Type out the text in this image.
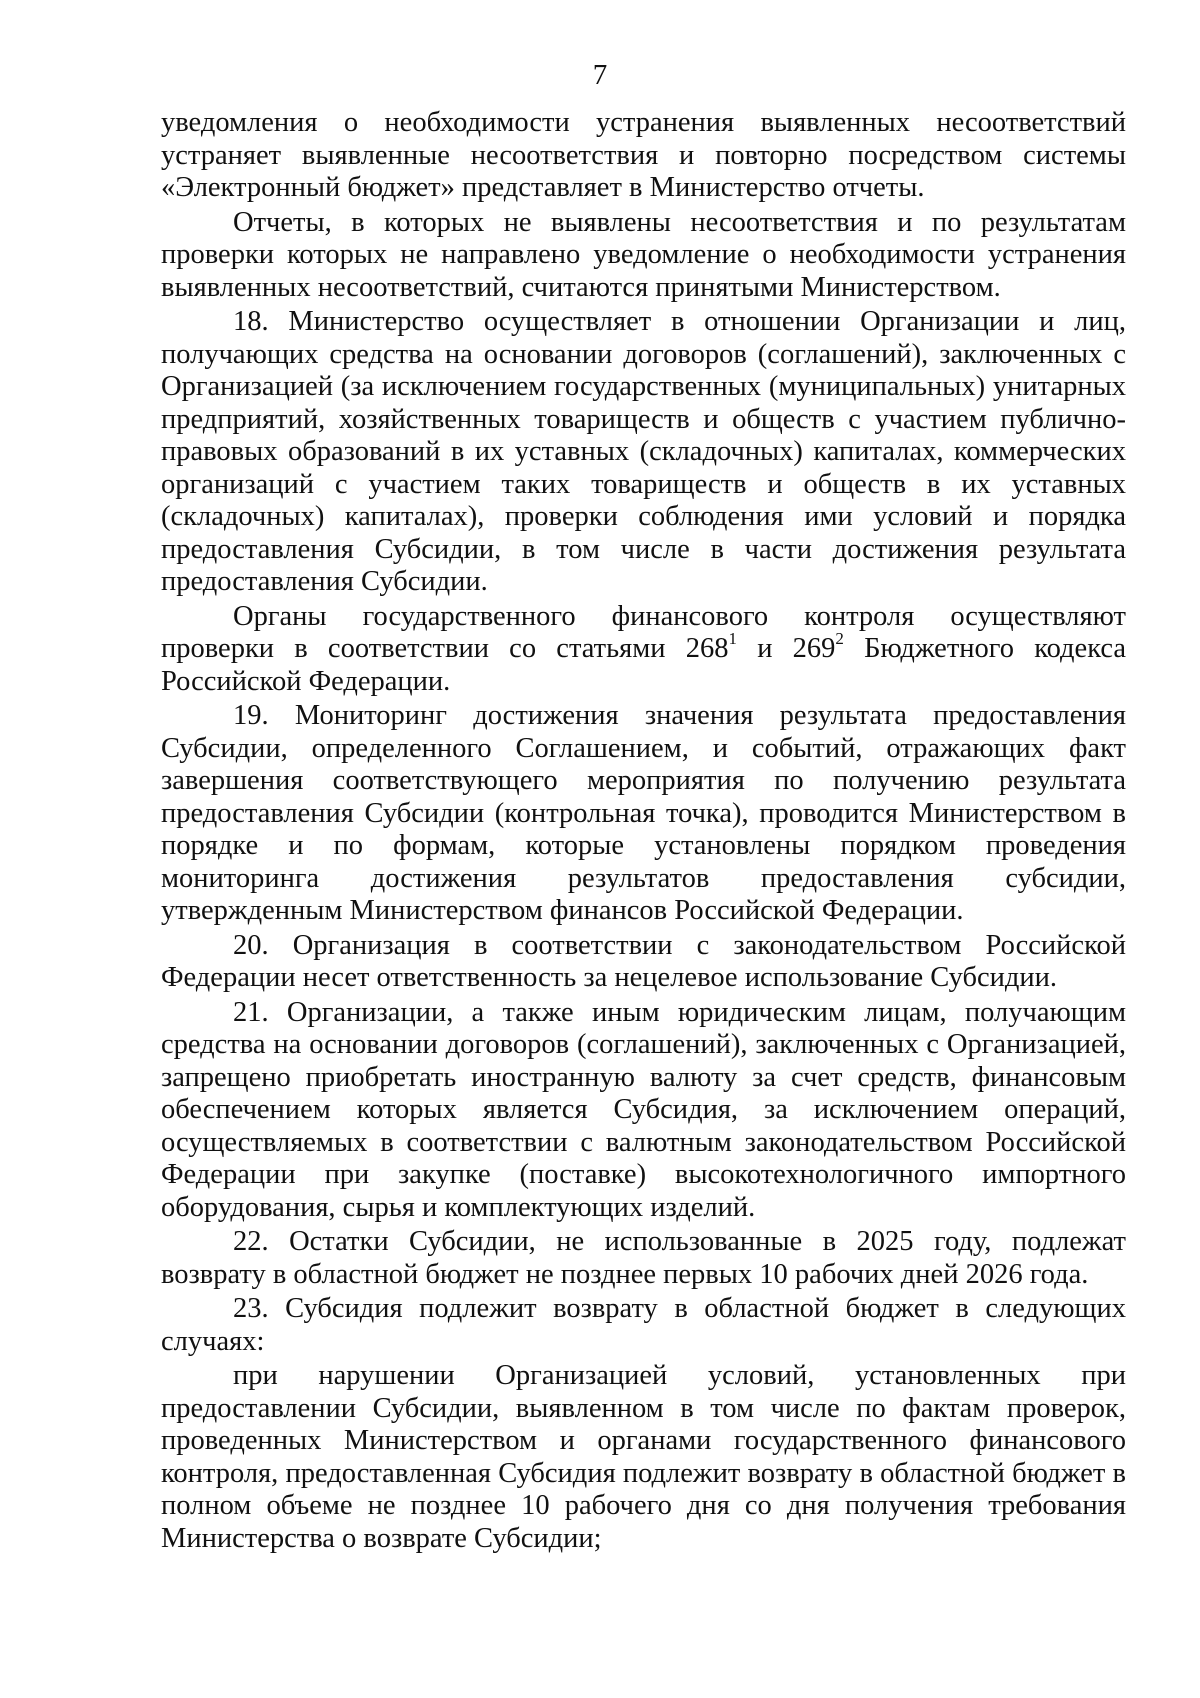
7

уведомления о необходимости устранения выявленных несоответствий устраняет выявленные несоответствия и повторно посредством системы «Электронный бюджет» представляет в Министерство отчеты.

Отчеты, в которых не выявлены несоответствия и по результатам проверки которых не направлено уведомление о необходимости устранения выявленных несоответствий, считаются принятыми Министерством.

18. Министерство осуществляет в отношении Организации и лиц, получающих средства на основании договоров (соглашений), заключенных с Организацией (за исключением государственных (муниципальных) унитарных предприятий, хозяйственных товариществ и обществ с участием публично-правовых образований в их уставных (складочных) капиталах, коммерческих организаций с участием таких товариществ и обществ в их уставных (складочных) капиталах), проверки соблюдения ими условий и порядка предоставления Субсидии, в том числе в части достижения результата предоставления Субсидии.

Органы государственного финансового контроля осуществляют проверки в соответствии со статьями $268^1$ и $269^2$ Бюджетного кодекса Российской Федерации.

19. Мониторинг достижения значения результата предоставления Субсидии, определенного Соглашением, и событий, отражающих факт завершения соответствующего мероприятия по получению результата предоставления Субсидии (контрольная точка), проводится Министерством в порядке и по формам, которые установлены порядком проведения мониторинга достижения результатов предоставления субсидии, утвержденным Министерством финансов Российской Федерации.

20. Организация в соответствии с законодательством Российской Федерации несет ответственность за нецелевое использование Субсидии.

21. Организации, а также иным юридическим лицам, получающим средства на основании договоров (соглашений), заключенных с Организацией, запрещено приобретать иностранную валюту за счет средств, финансовым обеспечением которых является Субсидия, за исключением операций, осуществляемых в соответствии с валютным законодательством Российской Федерации при закупке (поставке) высокотехнологичного импортного оборудования, сырья и комплектующих изделий.

22. Остатки Субсидии, не использованные в 2025 году, подлежат возврату в областной бюджет не позднее первых 10 рабочих дней 2026 года.

23. Субсидия подлежит возврату в областной бюджет в следующих случаях:

при нарушении Организацией условий, установленных при предоставлении Субсидии, выявленном в том числе по фактам проверок, проведенных Министерством и органами государственного финансового контроля, предоставленная Субсидия подлежит возврату в областной бюджет в полном объеме не позднее 10 рабочего дня со дня получения требования Министерства о возврате Субсидии;
